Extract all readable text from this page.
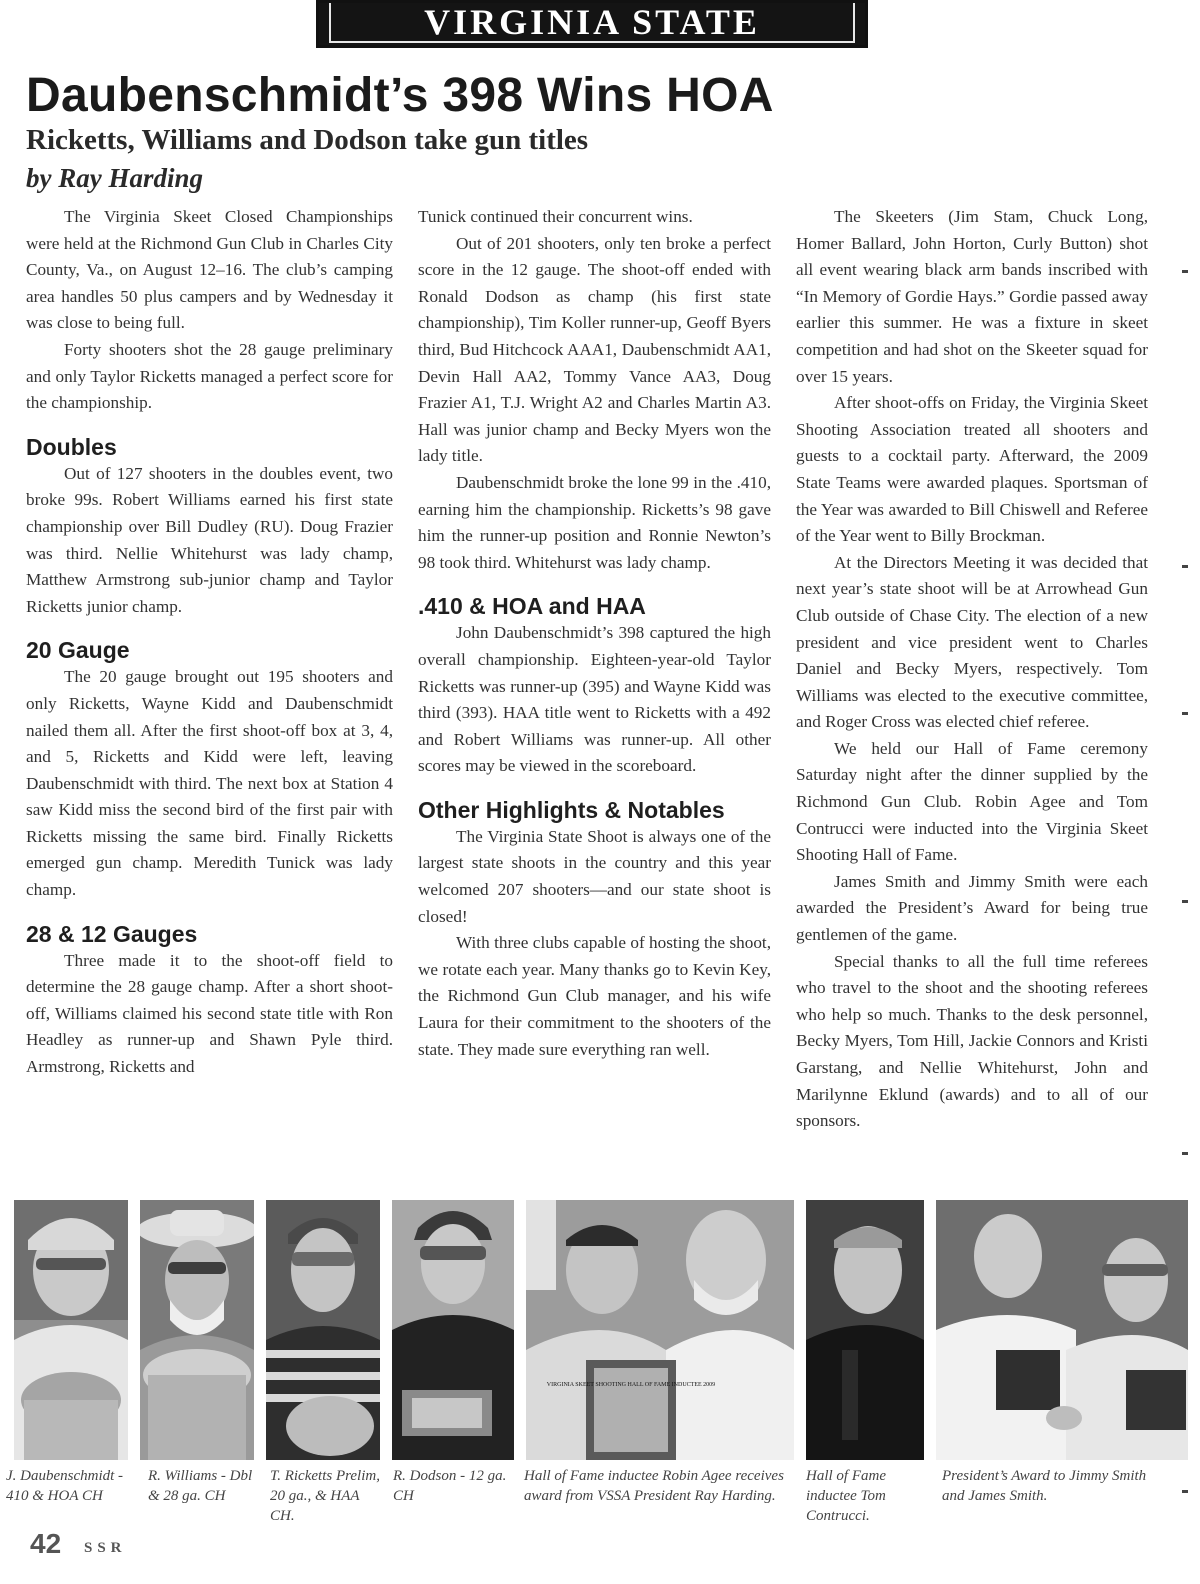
VIRGINIA STATE
Daubenschmidt’s 398 Wins HOA
Ricketts, Williams and Dodson take gun titles
by Ray Harding

The Virginia Skeet Closed Championships were held at the Richmond Gun Club in Charles City County, Va., on August 12–16. The club’s camping area handles 50 plus campers and by Wednesday it was close to being full.

Forty shooters shot the 28 gauge preliminary and only Taylor Ricketts managed a perfect score for the championship.

Doubles

Out of 127 shooters in the doubles event, two broke 99s. Robert Williams earned his first state championship over Bill Dudley (RU). Doug Frazier was third. Nellie Whitehurst was lady champ, Matthew Armstrong sub-junior champ and Taylor Ricketts junior champ.

20 Gauge

The 20 gauge brought out 195 shooters and only Ricketts, Wayne Kidd and Daubenschmidt nailed them all. After the first shoot-off box at 3, 4, and 5, Ricketts and Kidd were left, leaving Daubenschmidt with third. The next box at Station 4 saw Kidd miss the second bird of the first pair with Ricketts missing the same bird. Finally Ricketts emerged gun champ. Meredith Tunick was lady champ.

28 & 12 Gauges

Three made it to the shoot-off field to determine the 28 gauge champ. After a short shoot-off, Williams claimed his second state title with Ron Headley as runner-up and Shawn Pyle third. Armstrong, Ricketts and

Tunick continued their concurrent wins.

Out of 201 shooters, only ten broke a perfect score in the 12 gauge. The shoot-off ended with Ronald Dodson as champ (his first state championship), Tim Koller runner-up, Geoff Byers third, Bud Hitchcock AAA1, Daubenschmidt AA1, Devin Hall AA2, Tommy Vance AA3, Doug Frazier A1, T.J. Wright A2 and Charles Martin A3. Hall was junior champ and Becky Myers won the lady title.

Daubenschmidt broke the lone 99 in the .410, earning him the championship. Ricketts’s 98 gave him the runner-up position and Ronnie Newton’s 98 took third. Whitehurst was lady champ.

.410 & HOA and HAA

John Daubenschmidt’s 398 captured the high overall championship. Eighteen-year-old Taylor Ricketts was runner-up (395) and Wayne Kidd was third (393). HAA title went to Ricketts with a 492 and Robert Williams was runner-up. All other scores may be viewed in the scoreboard.

Other Highlights & Notables

The Virginia State Shoot is always one of the largest state shoots in the country and this year welcomed 207 shooters—and our state shoot is closed!

With three clubs capable of hosting the shoot, we rotate each year. Many thanks go to Kevin Key, the Richmond Gun Club manager, and his wife Laura for their commitment to the shooters of the state. They made sure everything ran well.

The Skeeters (Jim Stam, Chuck Long, Homer Ballard, John Horton, Curly Button) shot all event wearing black arm bands inscribed with “In Memory of Gordie Hays.” Gordie passed away earlier this summer. He was a fixture in skeet competition and had shot on the Skeeter squad for over 15 years.

After shoot-offs on Friday, the Virginia Skeet Shooting Association treated all shooters and guests to a cocktail party. Afterward, the 2009 State Teams were awarded plaques. Sportsman of the Year was awarded to Bill Chiswell and Referee of the Year went to Billy Brockman.

At the Directors Meeting it was decided that next year’s state shoot will be at Arrowhead Gun Club outside of Chase City. The election of a new president and vice president went to Charles Daniel and Becky Myers, respectively. Tom Williams was elected to the executive committee, and Roger Cross was elected chief referee.

We held our Hall of Fame ceremony Saturday night after the dinner supplied by the Richmond Gun Club. Robin Agee and Tom Contrucci were inducted into the Virginia Skeet Shooting Hall of Fame.

James Smith and Jimmy Smith were each awarded the President’s Award for being true gentlemen of the game.

Special thanks to all the full time referees who travel to the shoot and the shooting referees who help so much. Thanks to the desk personnel, Becky Myers, Tom Hill, Jackie Connors and Kristi Garstang, and Nellie Whitehurst, John and Marilynne Eklund (awards) and to all of our sponsors.

VIRGINIA SKEET SHOOTING HALL OF FAME INDUCTEE 2009
J. Daubenschmidt - 410 & HOA CH
R. Williams - Dbl & 28 ga. CH
T. Ricketts Prelim, 20 ga., & HAA CH.
R. Dodson - 12 ga. CH
Hall of Fame inductee Robin Agee receives award from VSSA President Ray Harding.
Hall of Fame inductee Tom Contrucci.
President’s Award to Jimmy Smith and James Smith.
42 SSR
